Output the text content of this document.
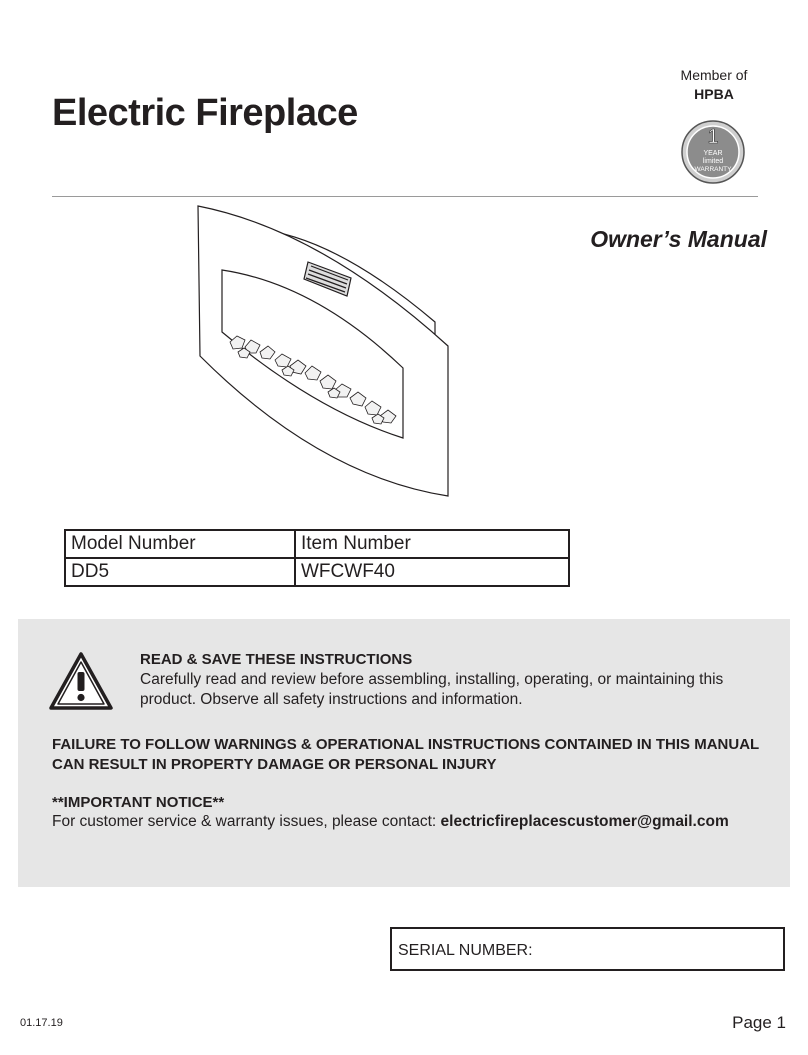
Electric Fireplace
Member of
HPBA
1
YEAR
limited
WARRANTY
Owner’s Manual
Model Number	Item Number
DD5	WFCWF40
READ & SAVE THESE INSTRUCTIONS
Carefully read and review before assembling, installing, operating, or maintaining this product. Observe all safety instructions and information.
FAILURE TO FOLLOW WARNINGS & OPERATIONAL INSTRUCTIONS CONTAINED IN THIS MANUAL CAN RESULT IN PROPERTY DAMAGE OR PERSONAL INJURY
**IMPORTANT NOTICE**
For customer service & warranty issues, please contact: electricfireplacescustomer@gmail.com
SERIAL NUMBER:
01.17.19	Page 1
